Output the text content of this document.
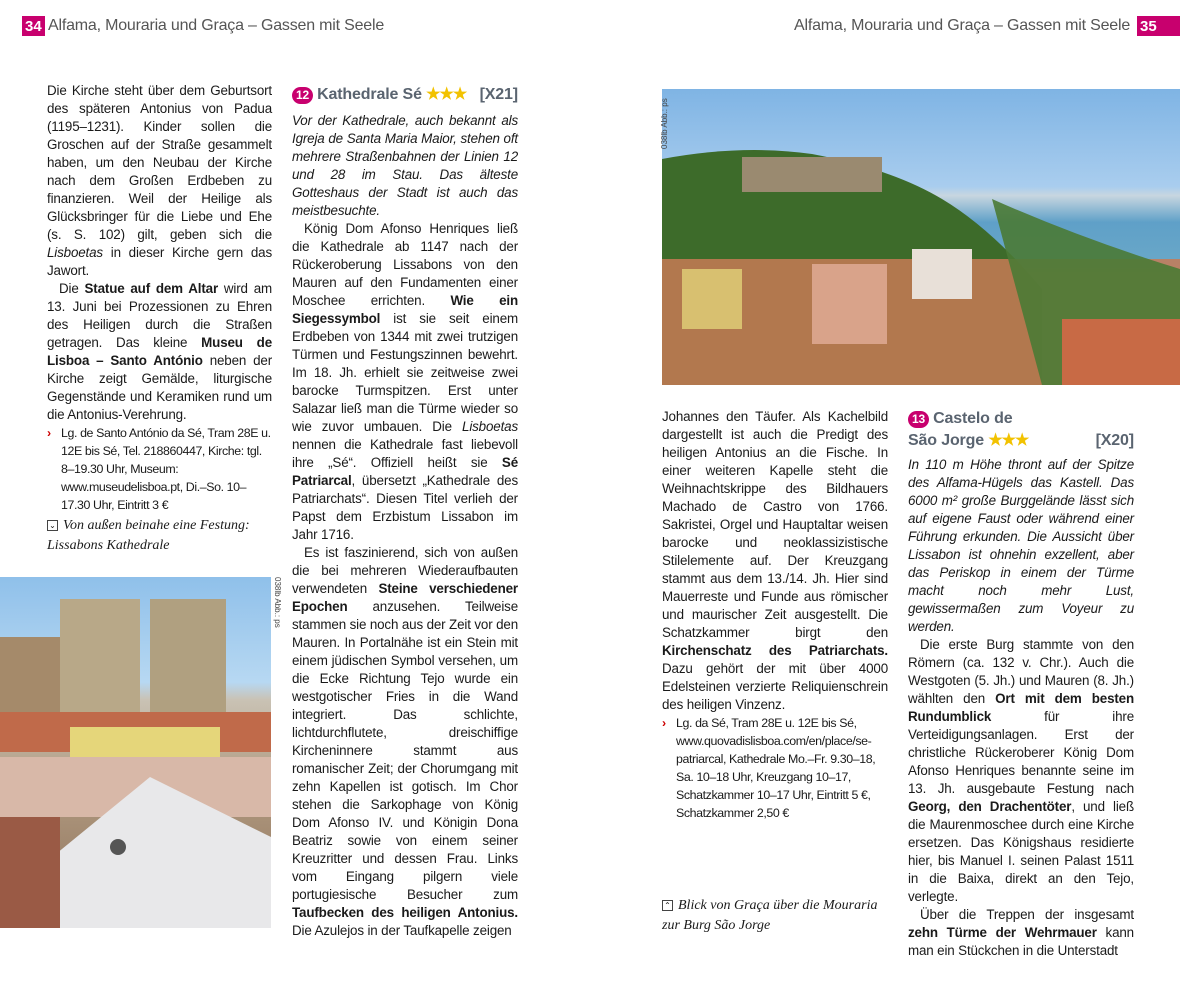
34 Alfama, Mouraria und Graça – Gassen mit Seele	Alfama, Mouraria und Graça – Gassen mit Seele 35

Die Kirche steht über dem Geburtsort des späteren Antonius von Padua (1195–1231). Kinder sollen die Groschen auf der Straße gesammelt haben, um den Neubau der Kirche nach dem Großen Erdbeben zu finanzieren. Weil der Heilige als Glücksbringer für die Liebe und Ehe (s. S. 102) gilt, geben sich die Lisboetas in dieser Kirche gern das Jawort.

Die Statue auf dem Altar wird am 13. Juni bei Prozessionen zu Ehren des Heiligen durch die Straßen getragen. Das kleine Museu de Lisboa – Santo António neben der Kirche zeigt Gemälde, liturgische Gegenstände und Keramiken rund um die Antonius-Verehrung.

› Lg. de Santo António da Sé, Tram 28E u. 12E bis Sé, Tel. 218860447, Kirche: tgl. 8–19.30 Uhr, Museum: www.museudelisboa.pt, Di.–So. 10–17.30 Uhr, Eintritt 3 €
⌄ Von außen beinahe eine Festung: Lissabons Kathedrale
038lb Abb.: ps
12 Kathedrale Sé ★★★ [X21]

Vor der Kathedrale, auch bekannt als Igreja de Santa Maria Maior, stehen oft mehrere Straßenbahnen der Linien 12 und 28 im Stau. Das älteste Gotteshaus der Stadt ist auch das meistbesuchte.

König Dom Afonso Henriques ließ die Kathedrale ab 1147 nach der Rückeroberung Lissabons von den Mauren auf den Fundamenten einer Moschee errichten. Wie ein Siegessymbol ist sie seit einem Erdbeben von 1344 mit zwei trutzigen Türmen und Festungszinnen bewehrt. Im 18. Jh. erhielt sie zeitweise zwei barocke Turmspitzen. Erst unter Salazar ließ man die Türme wieder so wie zuvor umbauen. Die Lisboetas nennen die Kathedrale fast liebevoll ihre „Sé“. Offiziell heißt sie Sé Patriarcal, übersetzt „Kathedrale des Patriarchats“. Diesen Titel verlieh der Papst dem Erzbistum Lissabon im Jahr 1716.

Es ist faszinierend, sich von außen die bei mehreren Wiederaufbauten verwendeten Steine verschiedener Epochen anzusehen. Teilweise stammen sie noch aus der Zeit vor den Mauren. In Portalnähe ist ein Stein mit einem jüdischen Symbol versehen, um die Ecke Richtung Tejo wurde ein westgotischer Fries in die Wand integriert. Das schlichte, lichtdurchflutete, dreischiffige Kircheninnere stammt aus romanischer Zeit; der Chorumgang mit zehn Kapellen ist gotisch. Im Chor stehen die Sarkophage von König Dom Afonso IV. und Königin Dona Beatriz sowie von einem seiner Kreuzritter und dessen Frau. Links vom Eingang pilgern viele portugiesische Besucher zum Taufbecken des heiligen Antonius. Die Azulejos in der Taufkapelle zeigen

038lb Abb.: ps

Johannes den Täufer. Als Kachelbild dargestellt ist auch die Predigt des heiligen Antonius an die Fische. In einer weiteren Kapelle steht die Weihnachtskrippe des Bildhauers Machado de Castro von 1766. Sakristei, Orgel und Hauptaltar weisen barocke und neoklassizistische Stilelemente auf. Der Kreuzgang stammt aus dem 13./14. Jh. Hier sind Mauerreste und Funde aus römischer und maurischer Zeit ausgestellt. Die Schatzkammer birgt den Kirchenschatz des Patriarchats. Dazu gehört der mit über 4000 Edelsteinen verzierte Reliquienschrein des heiligen Vinzenz.

› Lg. da Sé, Tram 28E u. 12E bis Sé, www.quovadislisboa.com/en/place/se-patriarcal, Kathedrale Mo.–Fr. 9.30–18, Sa. 10–18 Uhr, Kreuzgang 10–17, Schatzkammer 10–17 Uhr, Eintritt 5 €, Schatzkammer 2,50 €
⌃ Blick von Graça über die Mouraria zur Burg São Jorge
13 Castelo de
São Jorge ★★★	[X20]

In 110 m Höhe thront auf der Spitze des Alfama-Hügels das Kastell. Das 6000 m² große Burggelände lässt sich auf eigene Faust oder während einer Führung erkunden. Die Aussicht über Lissabon ist ohnehin exzellent, aber das Periskop in einem der Türme macht noch mehr Lust, gewissermaßen zum Voyeur zu werden.

Die erste Burg stammte von den Römern (ca. 132 v. Chr.). Auch die Westgoten (5. Jh.) und Mauren (8. Jh.) wählten den Ort mit dem besten Rundumblick für ihre Verteidigungsanlagen. Erst der christliche Rückeroberer König Dom Afonso Henriques benannte seine im 13. Jh. ausgebaute Festung nach Georg, den Drachentöter, und ließ die Maurenmoschee durch eine Kirche ersetzen. Das Königshaus residierte hier, bis Manuel I. seinen Palast 1511 in die Baixa, direkt an den Tejo, verlegte.

Über die Treppen der insgesamt zehn Türme der Wehrmauer kann man ein Stückchen in die Unterstadt
